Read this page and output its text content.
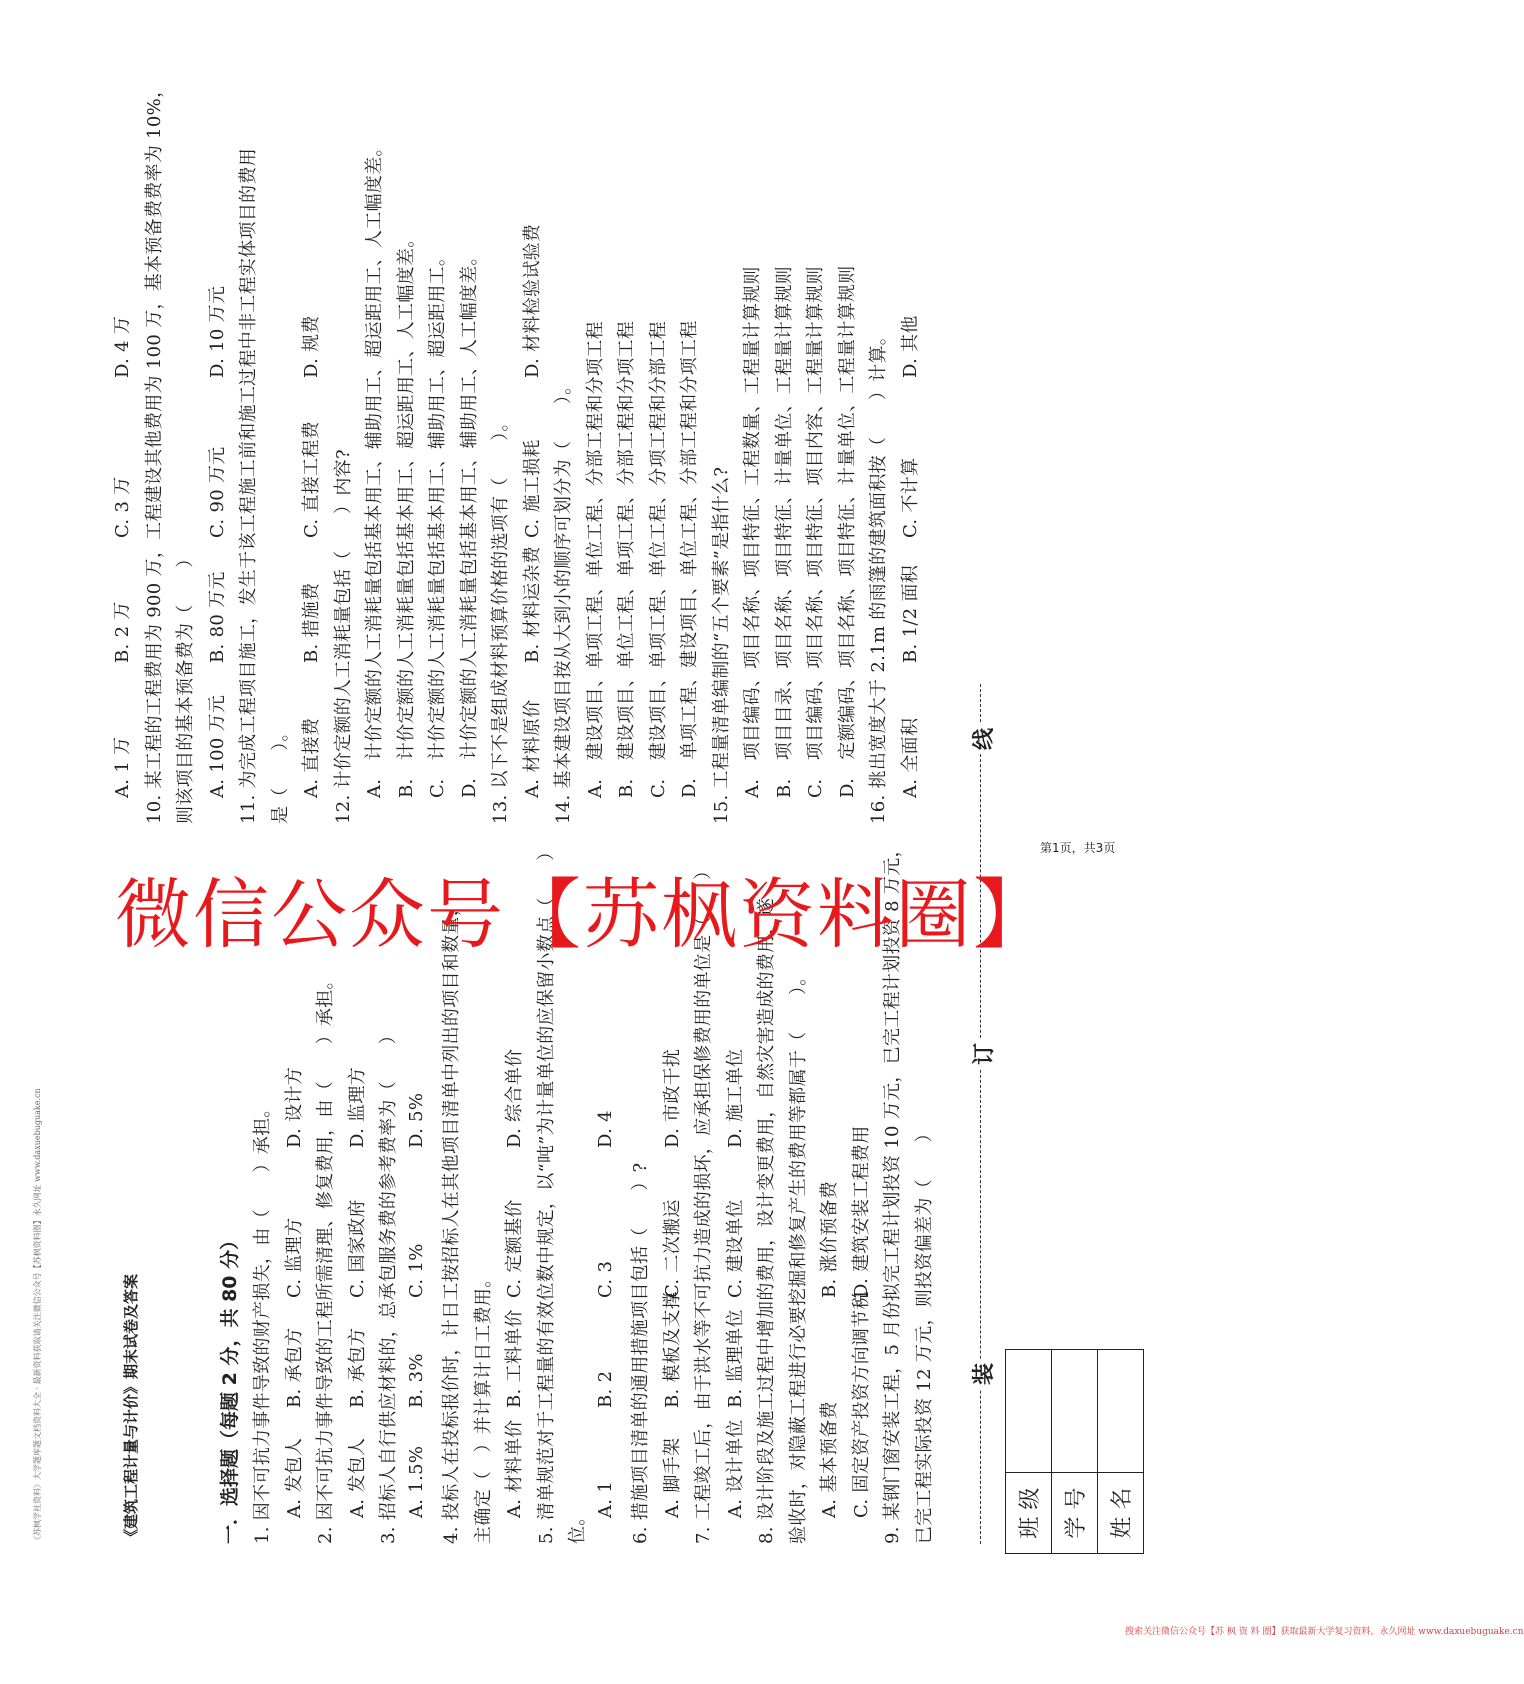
《苏枫学社资料》大学题库题文档资料大全 · 最新资料获取请关注微信公众号【苏枫资料圈】永久网址 www.daxuebuguake.cn	班 级	
学 号	
姓 名	
装
订
线
《建筑工程计量与计价》期末试卷及答案	一．选择题（每题 2 分，共 80 分） 1. 因不可抗力事件导致的财产损失，由（　　）承担。 A. 发包人B. 承包方C. 监理方D. 设计方 2. 因不可抗力事件导致的工程所需清理、修复费用，由（　　）承担。 A. 发包人B. 承包方C. 国家政府D. 监理方 3. 招标人自行供应材料的，总承包服务费的参考费率为（　　） A. 1.5%B. 3%C. 1%D. 5% 4. 投标人在投标报价时，计日工按招标人在其他项目清单中列出的项目和数量， 主确定（　）并计算计日工费用。 A. 材料单价B. 工料单价C. 定额基价D. 综合单价 5. 清单规范对于工程量的有效位数中规定，以“吨”为计量单位的应保留小数点（　　） 位。
A. 1B. 2C. 3D. 4
6. 措施项目清单的通用措施项目包括（　　）? A. 脚手架B. 模板及支撑C. 二次搬运D. 市政干扰 7. 工程竣工后，由于洪水等不可抗力造成的损坏，应承担保修费用的单位是（　　） A. 设计单位B. 监理单位C. 建设单位D. 施工单位 8. 设计阶段及施工过程中增加的费用，设计变更费用，自然灾害造成的费用，遂 验收时，对隐蔽工程进行必要挖掘和修复产生的费用等都属于（　　）。 A. 基本预备费B. 涨价预备费
C. 固定资产投资方向调节税D. 建筑安装工程费用 9. 某钢门窗安装工程，5 月份拟完工程计划投资 10 万元，已完工程计划投资 8 万元， 已完工程实际投资 12 万元，则投资偏差为（　　）
A. 1 万B. 2 万C. 3 万D. 4 万 10. 某工程的工程费用为 900 万，工程建设其他费用为 100 万，基本预备费费率为 10%， 则该项目的基本预备费为（　　） A. 100 万元B. 80 万元C. 90 万元D. 10 万元 11. 为完成工程项目施工，发生于该工程施工前和施工过程中非工程实体项目的费用 是（　　）。 A. 直接费B. 措施费C. 直接工程费D. 规费
12. 计价定额的人工消耗量包括（　　）内容? A.　计价定额的人工消耗量包括基本用工、辅助用工、超运距用工、人工幅度差。 B.　计价定额的人工消耗量包括基本用工、超运距用工、人工幅度差。 C.　计价定额的人工消耗量包括基本用工、辅助用工、超运距用工。 D.　计价定额的人工消耗量包括基本用工、辅助用工、人工幅度差。 13. 以下不是组成材料预算价格的选项有（　　）。 A. 材料原价B. 材料运杂费C. 施工损耗D. 材料检验试验费
14. 基本建设项目按从大到小的顺序可划分为（　　）。 A.　建设项目、单项工程、单位工程、分部工程和分项工程 B.　建设项目、单位工程、单项工程、分部工程和分项工程 C.　建设项目、单项工程、单位工程、分项工程和分部工程 D.　单项工程、建设项目、单位工程、分部工程和分项工程 15. 工程量清单编制的“五个要素”是指什么? A.　项目编码、项目名称、项目特征、工程数量、工程量计算规则 B.　项目目录、项目名称、项目特征、计量单位、工程量计算规则 C.　项目编码、项目名称、项目特征、项目内容、工程量计算规则 D.　定额编码、项目名称、项目特征、计量单位、工程量计算规则 16. 挑出宽度大于 2.1m 的雨篷的建筑面积按（　　）计算。 A. 全面积B. 1/2 面积C. 不计算D. 其他
微信公众号【苏枫资料圈】
第1页，共3页
搜索关注微信公众号【苏 枫 资 料 圈】获取最新大学复习资料，永久网址 www.daxuebuguake.cn
